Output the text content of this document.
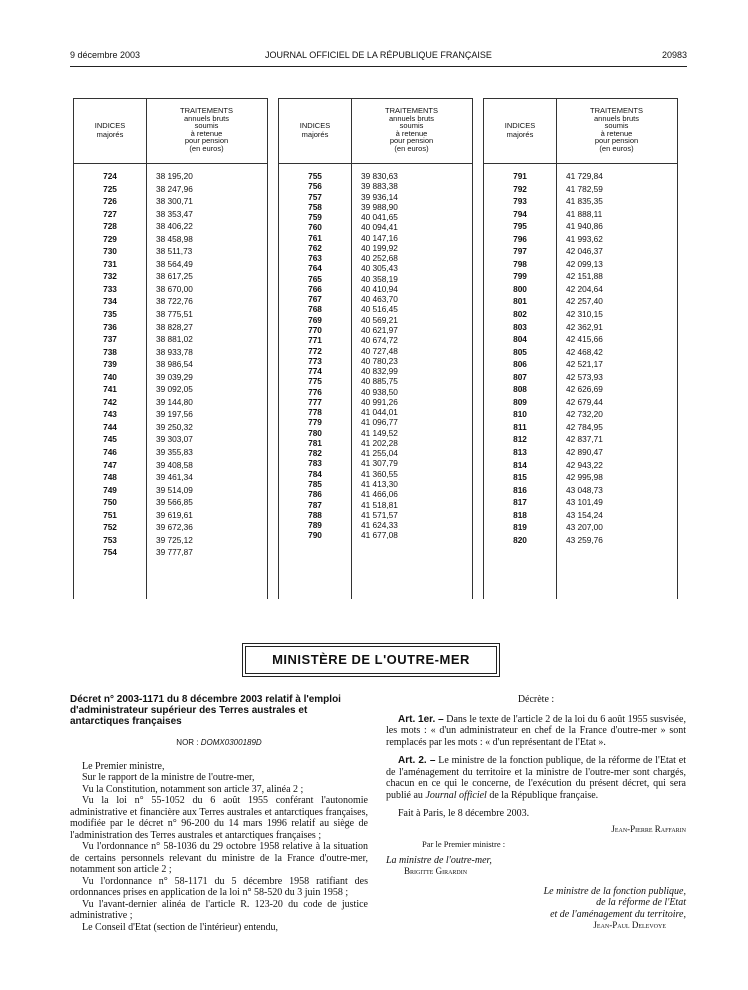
9 décembre 2003	JOURNAL OFFICIEL DE LA RÉPUBLIQUE FRANÇAISE	20983
INDICES
majorés
TRAITEMENTS
annuels bruts
soumis
à retenue
pour pension
(en euros)
724	38 195,20
725	38 247,96
726	38 300,71
727	38 353,47
728	38 406,22
729	38 458,98
730	38 511,73
731	38 564,49
732	38 617,25
733	38 670,00
734	38 722,76
735	38 775,51
736	38 828,27
737	38 881,02
738	38 933,78
739	38 986,54
740	39 039,29
741	39 092,05
742	39 144,80
743	39 197,56
744	39 250,32
745	39 303,07
746	39 355,83
747	39 408,58
748	39 461,34
749	39 514,09
750	39 566,85
751	39 619,61
752	39 672,36
753	39 725,12
754	39 777,87
INDICES
majorés
TRAITEMENTS
annuels bruts
soumis
à retenue
pour pension
(en euros)
755	39 830,63
756	39 883,38
757	39 936,14
758	39 988,90
759	40 041,65
760	40 094,41
761	40 147,16
762	40 199,92
763	40 252,68
764	40 305,43
765	40 358,19
766	40 410,94
767	40 463,70
768	40 516,45
769	40 569,21
770	40 621,97
771	40 674,72
772	40 727,48
773	40 780,23
774	40 832,99
775	40 885,75
776	40 938,50
777	40 991,26
778	41 044,01
779	41 096,77
780	41 149,52
781	41 202,28
782	41 255,04
783	41 307,79
784	41 360,55
785	41 413,30
786	41 466,06
787	41 518,81
788	41 571,57
789	41 624,33
790	41 677,08
INDICES
majorés
TRAITEMENTS
annuels bruts
soumis
à retenue
pour pension
(en euros)
791	41 729,84
792	41 782,59
793	41 835,35
794	41 888,11
795	41 940,86
796	41 993,62
797	42 046,37
798	42 099,13
799	42 151,88
800	42 204,64
801	42 257,40
802	42 310,15
803	42 362,91
804	42 415,66
805	42 468,42
806	42 521,17
807	42 573,93
808	42 626,69
809	42 679,44
810	42 732,20
811	42 784,95
812	42 837,71
813	42 890,47
814	42 943,22
815	42 995,98
816	43 048,73
817	43 101,49
818	43 154,24
819	43 207,00
820	43 259,76
MINISTÈRE DE L'OUTRE-MER
Décret n° 2003-1171 du 8 décembre 2003 relatif à l'emploi d'administrateur supérieur des Terres australes et antarctiques françaises
NOR : DOMX0300189D

Le Premier ministre,

Sur le rapport de la ministre de l'outre-mer,

Vu la Constitution, notamment son article 37, alinéa 2 ;

Vu la loi n° 55-1052 du 6 août 1955 conférant l'autonomie administrative et financière aux Terres australes et antarctiques françaises, modifiée par le décret n° 96-200 du 14 mars 1996 relatif au siège de l'administration des Terres australes et antarctiques françaises ;

Vu l'ordonnance n° 58-1036 du 29 octobre 1958 relative à la situation de certains personnels relevant du ministre de la France d'outre-mer, notamment son article 2 ;

Vu l'ordonnance n° 58-1171 du 5 décembre 1958 ratifiant des ordonnances prises en application de la loi n° 58-520 du 3 juin 1958 ;

Vu l'avant-dernier alinéa de l'article R. 123-20 du code de justice administrative ;

Le Conseil d'Etat (section de l'intérieur) entendu,

Décrète :

Art. 1er. – Dans le texte de l'article 2 de la loi du 6 août 1955 susvisée, les mots : « d'un administrateur en chef de la France d'outre-mer » sont remplacés par les mots : « d'un représentant de l'Etat ».

Art. 2. – Le ministre de la fonction publique, de la réforme de l'Etat et de l'aménagement du territoire et la ministre de l'outre-mer sont chargés, chacun en ce qui le concerne, de l'exécution du présent décret, qui sera publié au Journal officiel de la République française.

Fait à Paris, le 8 décembre 2003.

Jean-Pierre Raffarin

Par le Premier ministre :

La ministre de l'outre-mer,
Brigitte Girardin
Le ministre de la fonction publique,
de la réforme de l'Etat
et de l'aménagement du territoire,
Jean-Paul Delevoye
